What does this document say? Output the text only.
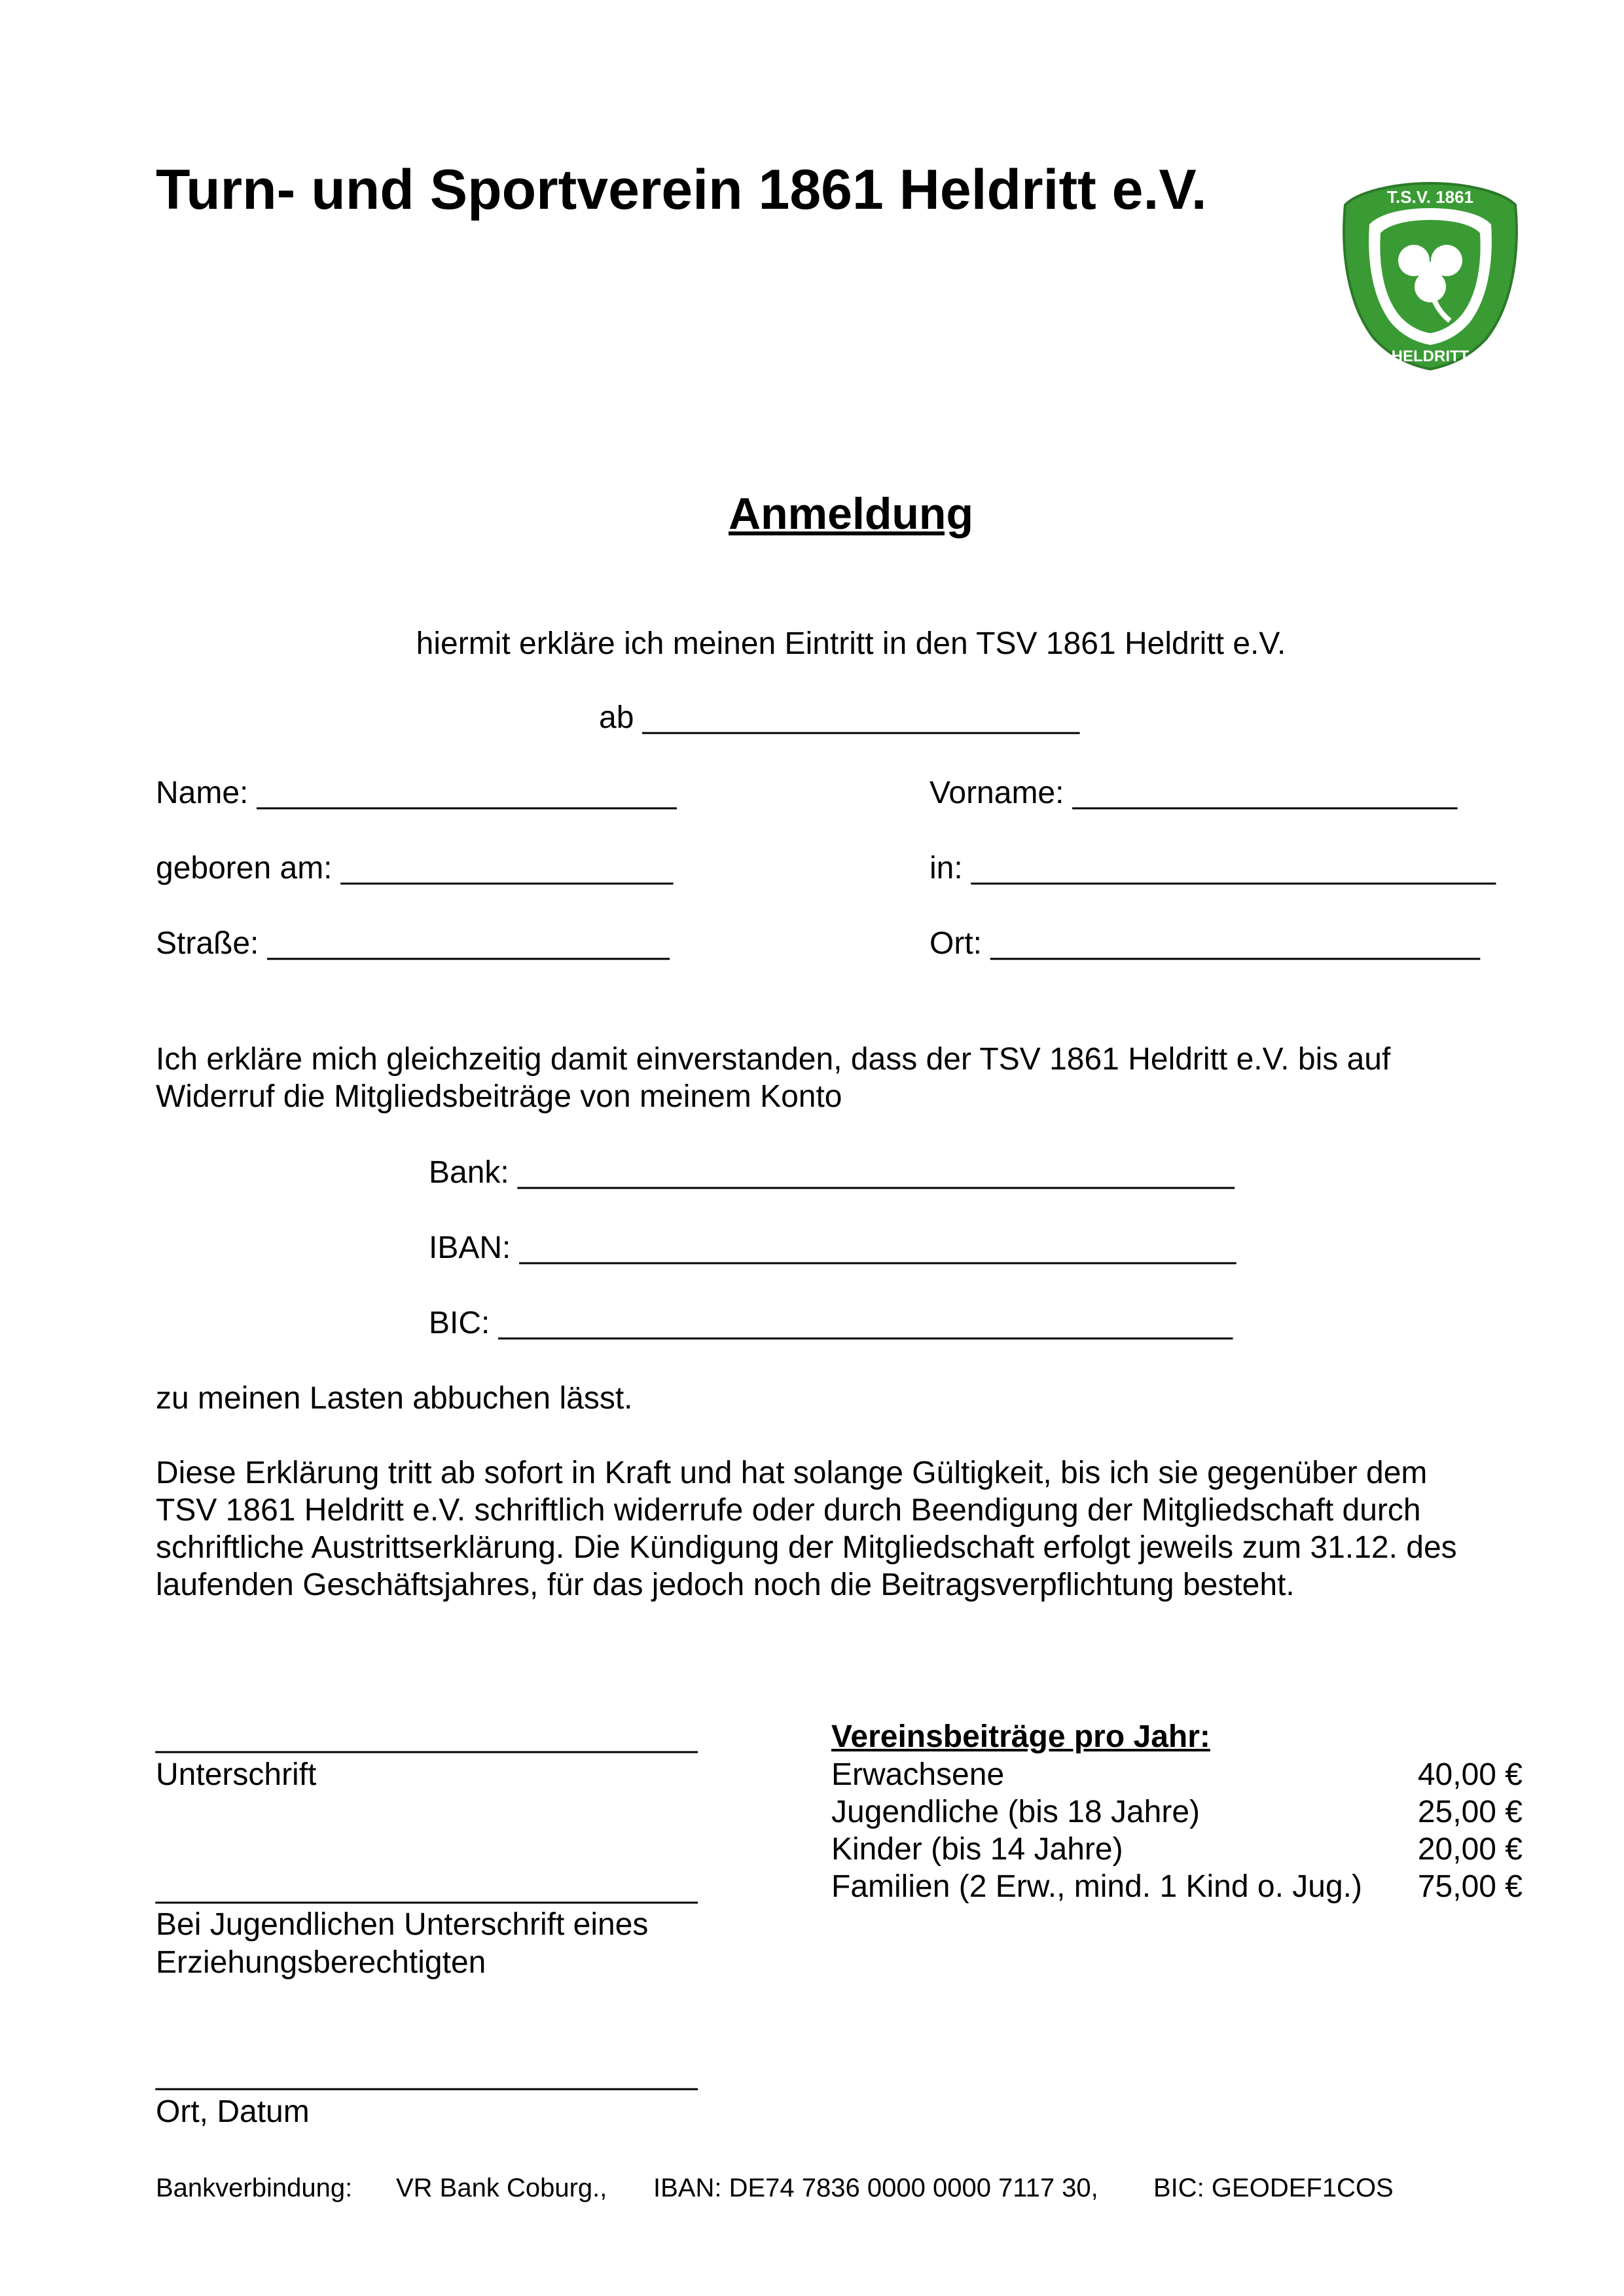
Turn- und Sportverein 1861 Heldritt e.V.	T.S.V. 1861
HELDRITT
Anmeldung
hiermit erkläre ich meinen Eintritt in den TSV 1861 Heldritt e.V.
ab _________________________
Name: ________________________	Vorname: ______________________
geboren am: ___________________	in: ______________________________
Straße: _______________________	Ort: ____________________________
Ich erkläre mich gleichzeitig damit einverstanden, dass der TSV 1861 Heldritt e.V. bis auf
Widerruf die Mitgliedsbeiträge von meinem Konto
Bank: _________________________________________
IBAN: _________________________________________
BIC: __________________________________________
zu meinen Lasten abbuchen lässt.
Diese Erklärung tritt ab sofort in Kraft und hat solange Gültigkeit, bis ich sie gegenüber dem
TSV 1861 Heldritt e.V. schriftlich widerrufe oder durch Beendigung der Mitgliedschaft durch
schriftliche Austrittserklärung. Die Kündigung der Mitgliedschaft erfolgt jeweils zum 31.12. des
laufenden Geschäftsjahres, für das jedoch noch die Beitragsverpflichtung besteht.
_______________________________
Unterschrift
_______________________________
Bei Jugendlichen Unterschrift eines
Erziehungsberechtigten
_______________________________
Ort, Datum
Vereinsbeiträge pro Jahr:
Erwachsene	40,00 €
Jugendliche (bis 18 Jahre)	25,00 €
Kinder (bis 14 Jahre)	20,00 €
Familien (2 Erw., mind. 1 Kind o. Jug.) 75,00 €
Bankverbindung: VR Bank Coburg., IBAN: DE74 7836 0000 0000 7117 30, BIC: GEODEF1COS
